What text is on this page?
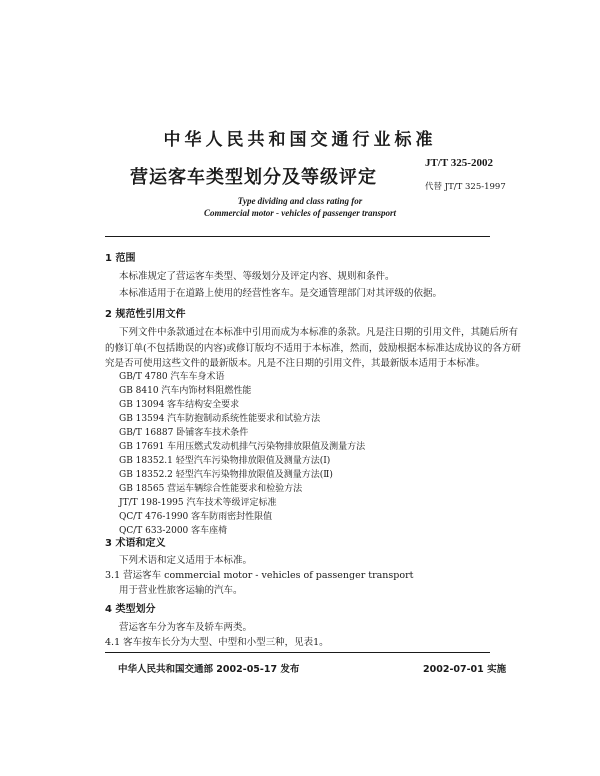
中华人民共和国交通行业标准
营运客车类型划分及等级评定
JT/T 325-2002
代替 JT/T 325-1997
Type dividing and class rating for
Commercial motor - vehicles of passenger transport
1 范围
本标准规定了营运客车类型、等级划分及评定内容、规则和条件。
本标准适用于在道路上使用的经营性客车。是交通管理部门对其评级的依据。
2 规范性引用文件
下列文件中条款通过在本标准中引用而成为本标准的条款。凡是注日期的引用文件，其随后所有
的修订单(不包括勘误的内容)或修订版均不适用于本标准，然而，鼓励根据本标准达成协议的各方研
究是否可使用这些文件的最新版本。凡是不注日期的引用文件，其最新版本适用于本标准。
GB/T 4780 汽车车身术语
GB 8410 汽车内饰材料阻燃性能
GB 13094 客车结构安全要求
GB 13594 汽车防抱制动系统性能要求和试验方法
GB/T 16887 卧铺客车技术条件
GB 17691 车用压燃式发动机排气污染物排放限值及测量方法
GB 18352.1 轻型汽车污染物排放限值及测量方法(Ⅰ)
GB 18352.2 轻型汽车污染物排放限值及测量方法(Ⅱ)
GB 18565 营运车辆综合性能要求和检验方法
JT/T 198-1995 汽车技术等级评定标准
QC/T 476-1990 客车防雨密封性限值
QC/T 633-2000 客车座椅
3 术语和定义
下列术语和定义适用于本标准。
3.1 营运客车 commercial motor - vehicles of passenger transport
用于营业性旅客运输的汽车。
4 类型划分
中华人民共和国交通部 2002-05-17 发布	2002-07-01 实施
营运客车分为客车及轿车两类。
4.1 客车按车长分为大型、中型和小型三种，见表1。
